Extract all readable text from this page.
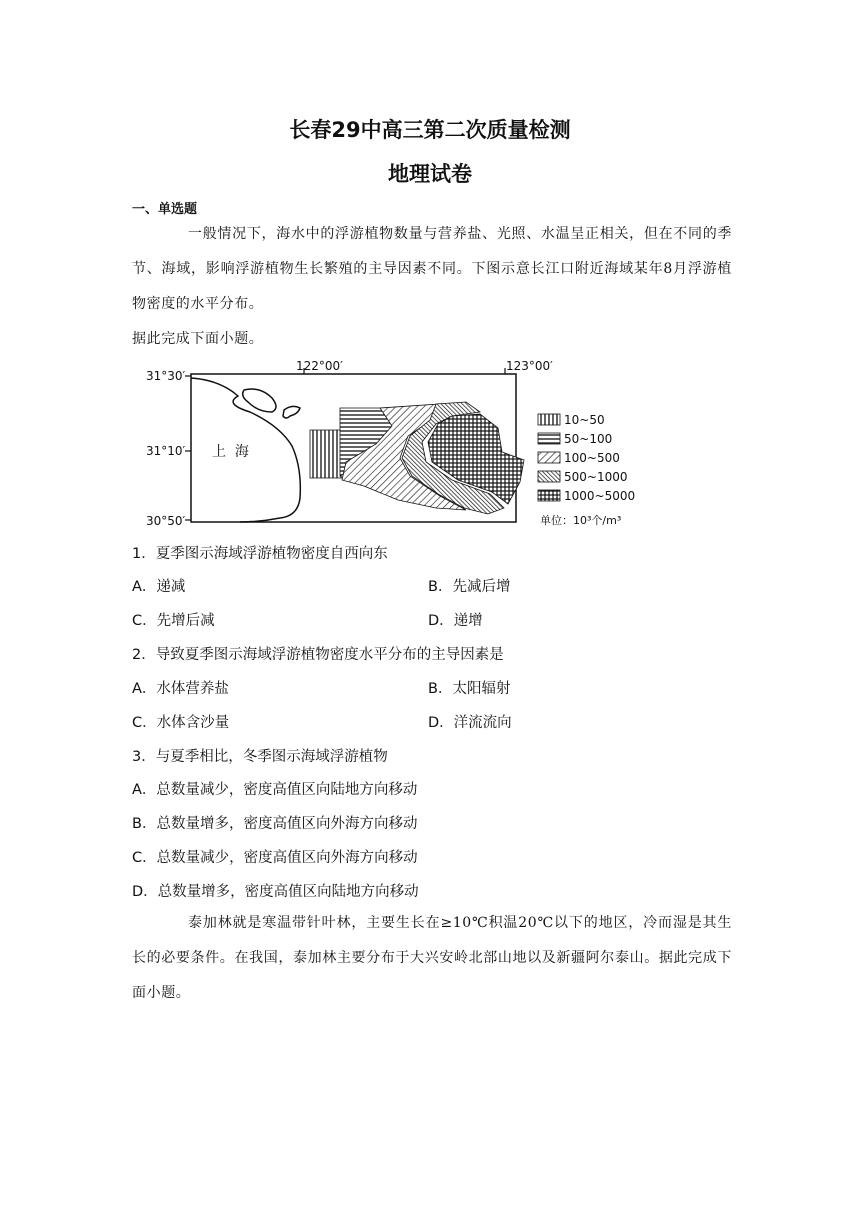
长春29中高三第二次质量检测
地理试卷
一、单选题
一般情况下，海水中的浮游植物数量与营养盐、光照、水温呈正相关，但在不同的季节、海域，影响浮游植物生长繁殖的主导因素不同。下图示意长江口附近海域某年8月浮游植物密度的水平分布。
据此完成下面小题。
122°00′	123°00′
31°30′
31°10′
30°50′
上  海
10~50
50~100
100~500
500~1000
1000~5000
单位：10³个/m³
1．夏季图示海域浮游植物密度自西向东
A．递减	B．先减后增
C．先增后减	D．递增
2．导致夏季图示海域浮游植物密度水平分布的主导因素是
A．水体营养盐	B．太阳辐射
C．水体含沙量	D．洋流流向
3．与夏季相比，冬季图示海域浮游植物
A．总数量减少，密度高值区向陆地方向移动
B．总数量增多，密度高值区向外海方向移动
C．总数量减少，密度高值区向外海方向移动
D．总数量增多，密度高值区向陆地方向移动
泰加林就是寒温带针叶林，主要生长在≥10℃积温20℃以下的地区，冷而湿是其生长的必要条件。在我国，泰加林主要分布于大兴安岭北部山地以及新疆阿尔泰山。据此完成下面小题。
